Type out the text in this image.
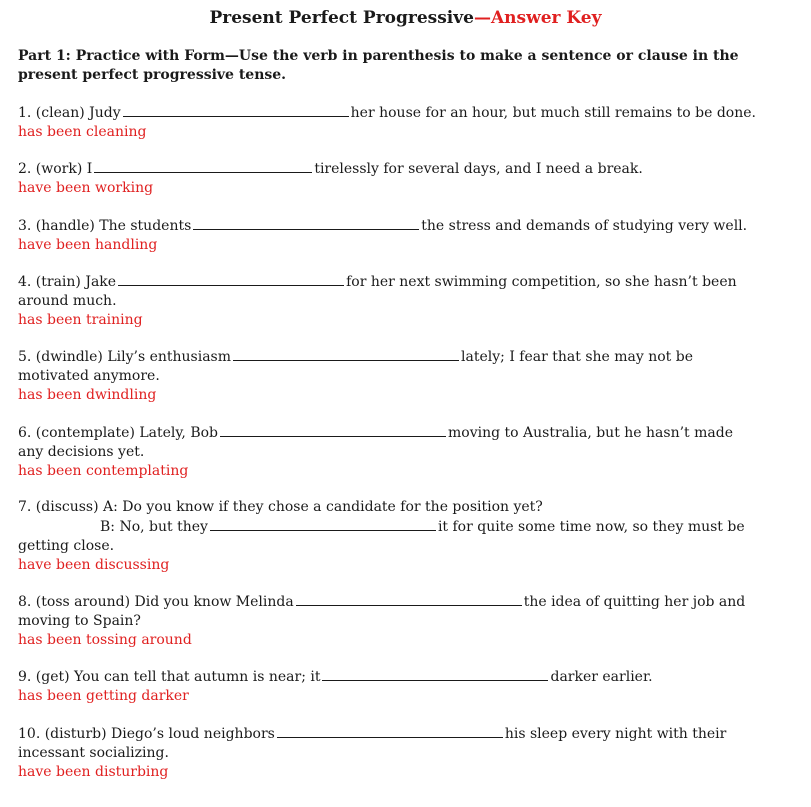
Present Perfect Progressive—Answer Key
Part 1: Practice with Form—Use the verb in parenthesis to make a sentence or clause in the present perfect progressive tense.
1. (clean) Judy	her house for an hour, but much still remains to be done.
has been cleaning
2. (work) I	tirelessly for several days, and I need a break.
have been working
3. (handle) The students	the stress and demands of studying very well.
have been handling
4. (train) Jake	for her next swimming competition, so she hasn’t been
around much.
has been training
5. (dwindle) Lily’s enthusiasm	lately; I fear that she may not be
motivated anymore.
has been dwindling
6. (contemplate) Lately, Bob	moving to Australia, but he hasn’t made
any decisions yet.
has been contemplating
7. (discuss) A: Do you know if they chose a candidate for the position yet?
B: No, but they	it for quite some time now, so they must be
getting close.
have been discussing
8. (toss around) Did you know Melinda	the idea of quitting her job and
moving to Spain?
has been tossing around
9. (get) You can tell that autumn is near; it	darker earlier.
has been getting darker
10. (disturb) Diego’s loud neighbors	his sleep every night with their
incessant socializing.
have been disturbing
